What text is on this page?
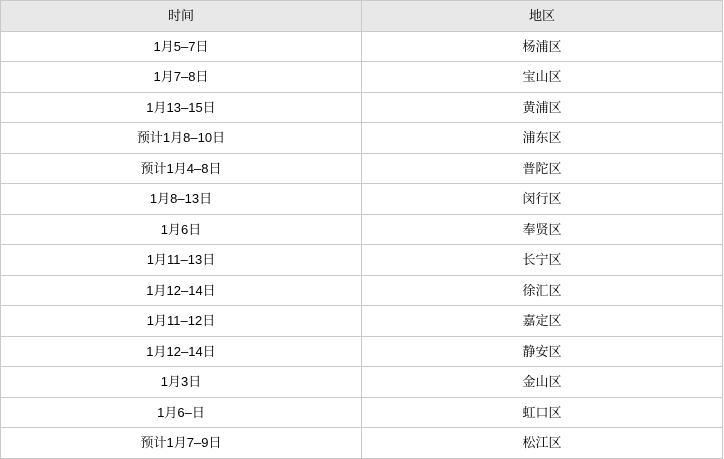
时间	地区
1月5–7日	杨浦区
1月7–8日	宝山区
1月13–15日	黄浦区
预计1月8–10日	浦东区
预计1月4–8日	普陀区
1月8–13日	闵行区
1月6日	奉贤区
1月11–13日	长宁区
1月12–14日	徐汇区
1月11–12日	嘉定区
1月12–14日	静安区
1月3日	金山区
1月6–日	虹口区
预计1月7–9日	松江区
